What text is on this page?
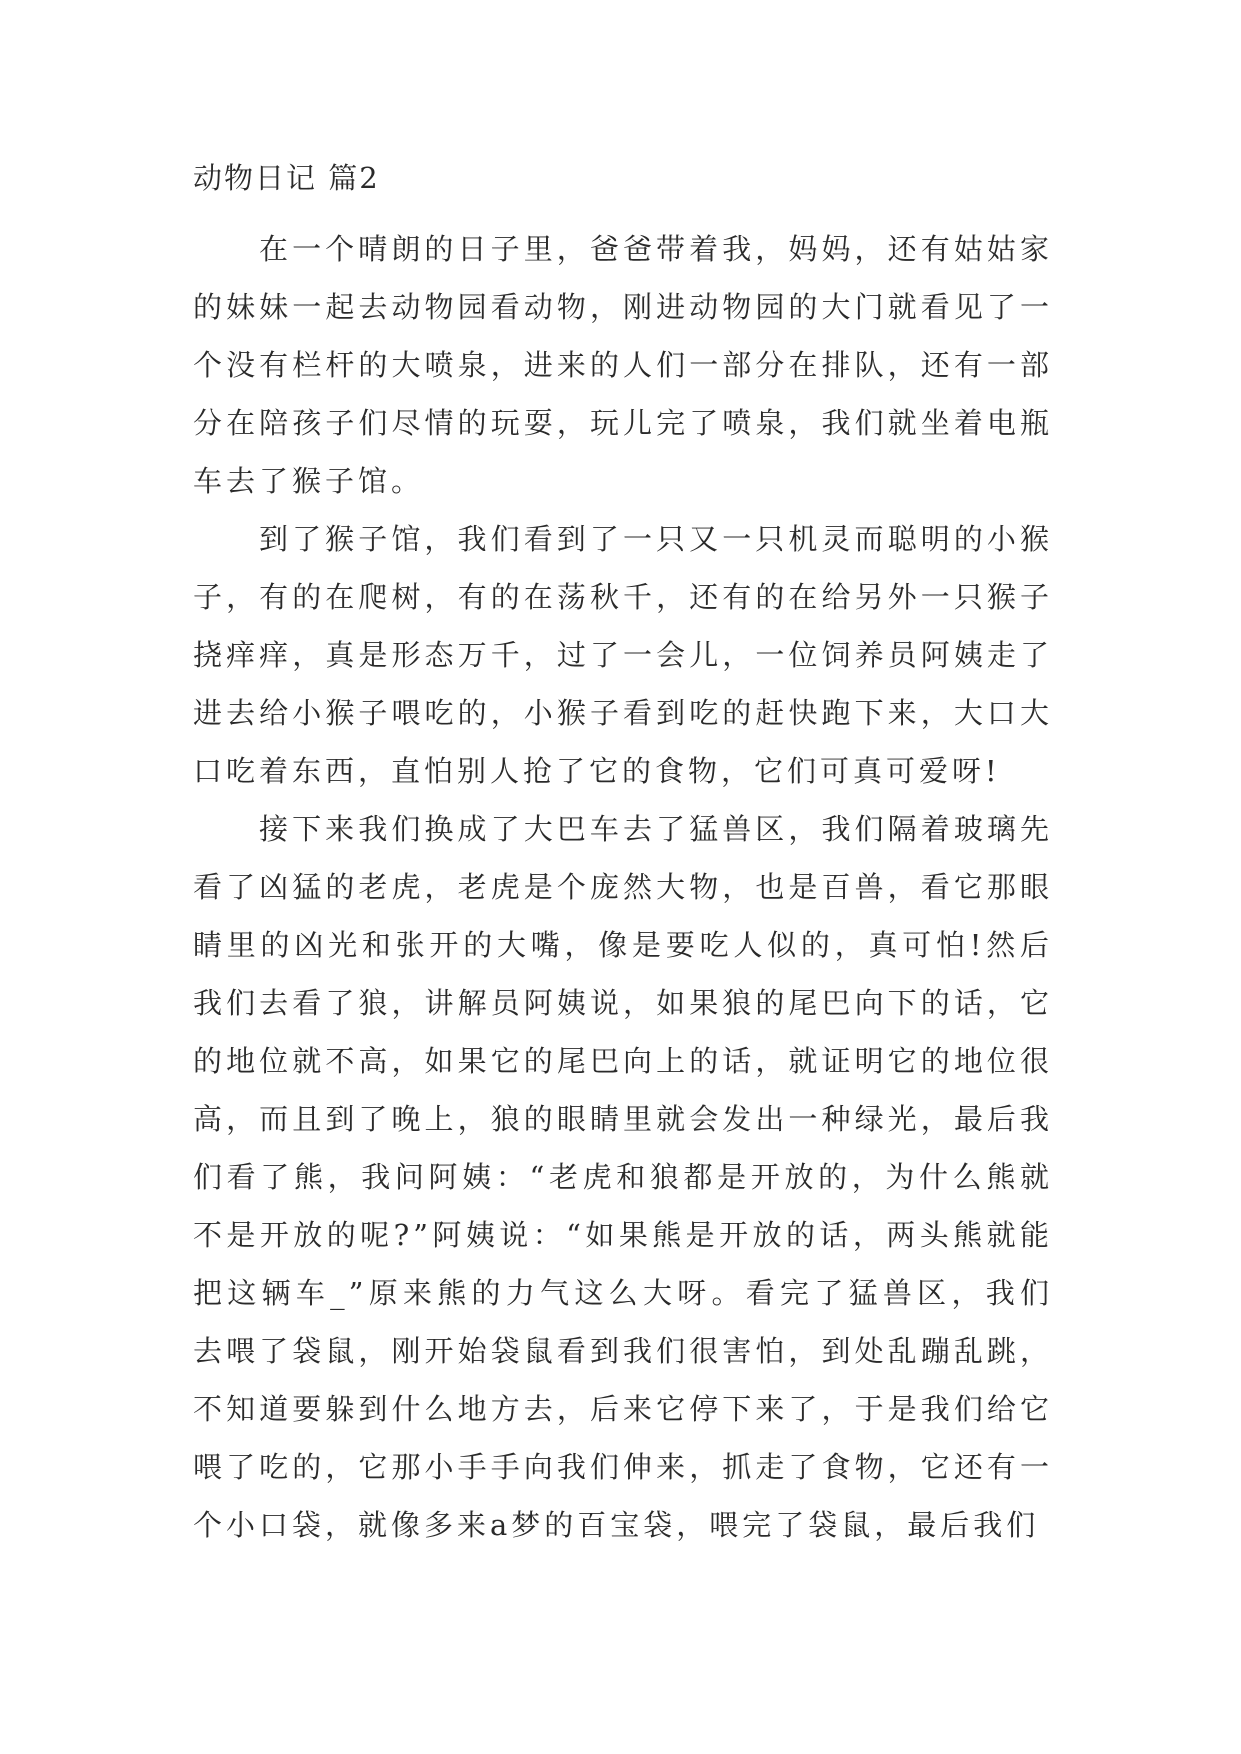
动物日记 篇2

在一个晴朗的日子里，爸爸带着我，妈妈，还有姑姑家的妹妹一起去动物园看动物，刚进动物园的大门就看见了一个没有栏杆的大喷泉，进来的人们一部分在排队，还有一部分在陪孩子们尽情的玩耍，玩儿完了喷泉，我们就坐着电瓶车去了猴子馆。

到了猴子馆，我们看到了一只又一只机灵而聪明的小猴子，有的在爬树，有的在荡秋千，还有的在给另外一只猴子挠痒痒，真是形态万千，过了一会儿，一位饲养员阿姨走了进去给小猴子喂吃的，小猴子看到吃的赶快跑下来，大口大口吃着东西，直怕别人抢了它的食物，它们可真可爱呀!

接下来我们换成了大巴车去了猛兽区，我们隔着玻璃先看了凶猛的老虎，老虎是个庞然大物，也是百兽，看它那眼睛里的凶光和张开的大嘴，像是要吃人似的，真可怕!然后我们去看了狼，讲解员阿姨说，如果狼的尾巴向下的话，它的地位就不高，如果它的尾巴向上的话，就证明它的地位很高，而且到了晚上，狼的眼睛里就会发出一种绿光，最后我们看了熊，我问阿姨：“老虎和狼都是开放的，为什么熊就不是开放的呢?”阿姨说：“如果熊是开放的话，两头熊就能把这辆车_”原来熊的力气这么大呀。看完了猛兽区，我们去喂了袋鼠，刚开始袋鼠看到我们很害怕，到处乱蹦乱跳，不知道要躲到什么地方去，后来它停下来了，于是我们给它喂了吃的，它那小手手向我们伸来，抓走了食物，它还有一个小口袋，就像多来a梦的百宝袋，喂完了袋鼠，最后我们
